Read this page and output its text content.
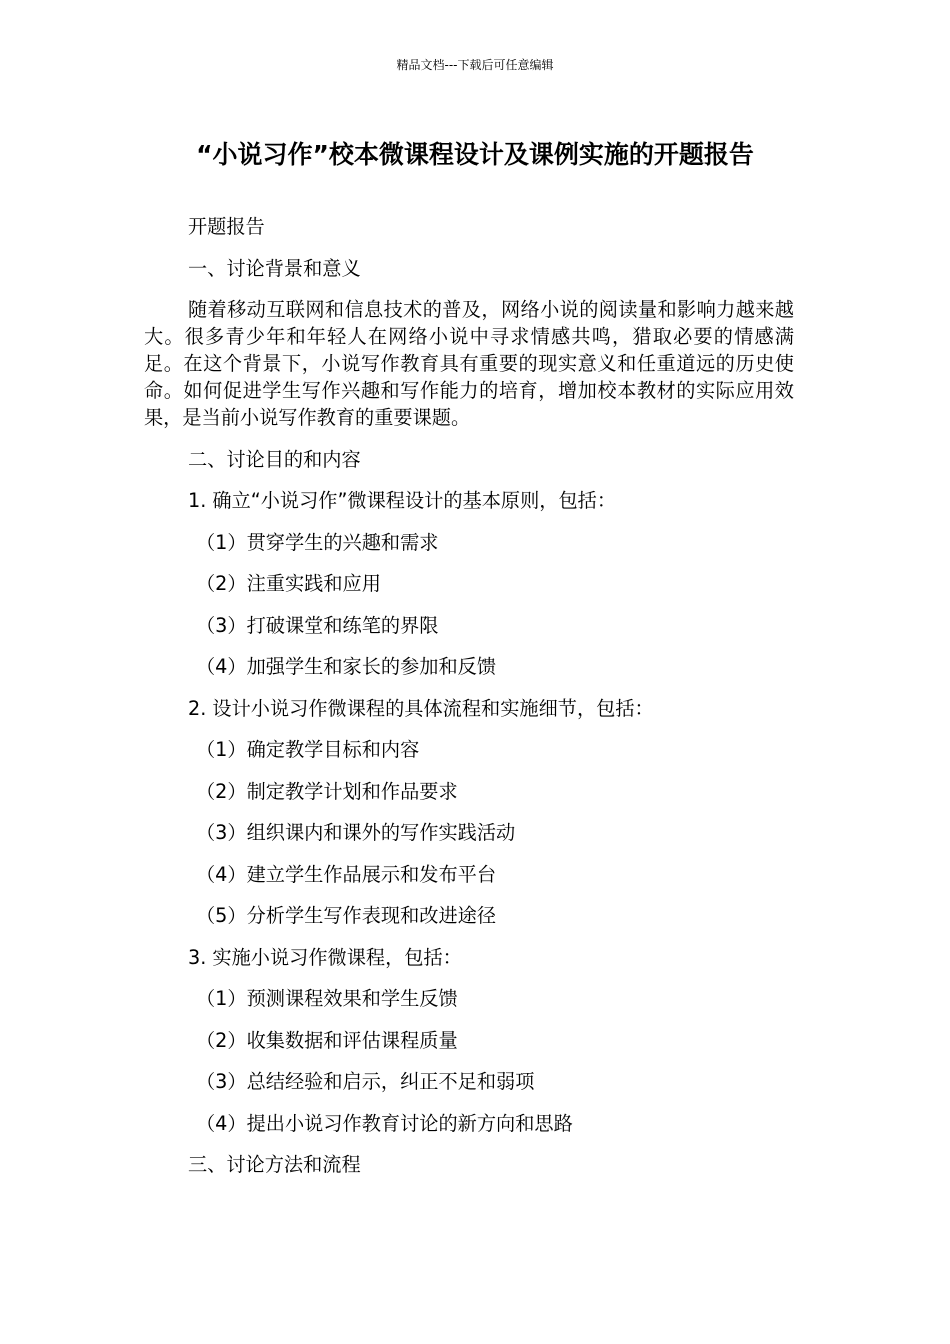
精品文档---下载后可任意编辑
“小说习作”校本微课程设计及课例实施的开题报告

开题报告

一、讨论背景和意义

随着移动互联网和信息技术的普及，网络小说的阅读量和影响力越来越大。很多青少年和年轻人在网络小说中寻求情感共鸣，猎取必要的情感满足。在这个背景下，小说写作教育具有重要的现实意义和任重道远的历史使命。如何促进学生写作兴趣和写作能力的培育，增加校本教材的实际应用效果，是当前小说写作教育的重要课题。

二、讨论目的和内容

1. 确立“小说习作”微课程设计的基本原则，包括：

（1）贯穿学生的兴趣和需求

（2）注重实践和应用

（3）打破课堂和练笔的界限

（4）加强学生和家长的参加和反馈

2. 设计小说习作微课程的具体流程和实施细节，包括：

（1）确定教学目标和内容

（2）制定教学计划和作品要求

（3）组织课内和课外的写作实践活动

（4）建立学生作品展示和发布平台

（5）分析学生写作表现和改进途径

3. 实施小说习作微课程，包括：

（1）预测课程效果和学生反馈

（2）收集数据和评估课程质量

（3）总结经验和启示，纠正不足和弱项

（4）提出小说习作教育讨论的新方向和思路

三、讨论方法和流程
